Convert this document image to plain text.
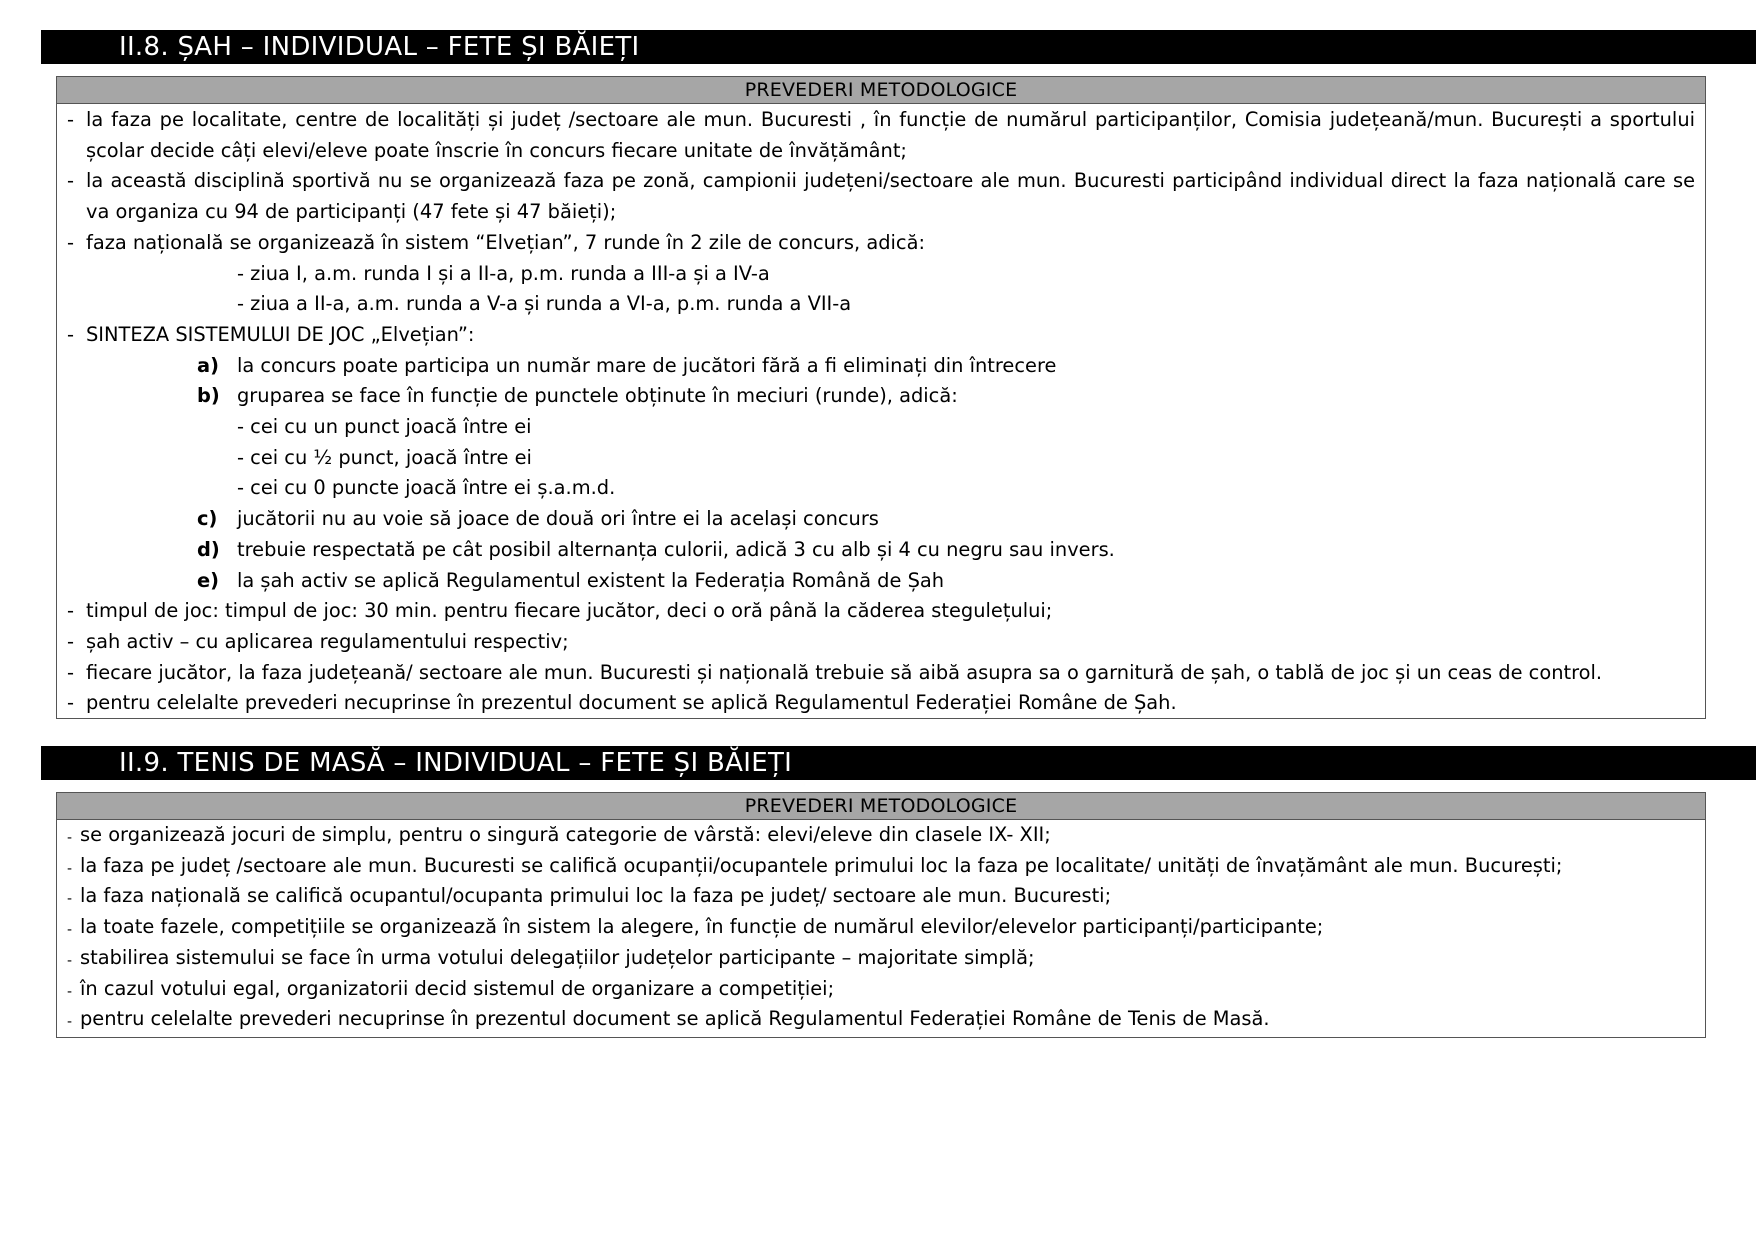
II.8. ȘAH – INDIVIDUAL – FETE ȘI BĂIEȚI
PREVEDERI METODOLOGICE
- la faza pe localitate, centre de localități și județ /sectoare ale mun. Bucuresti , în funcție de numărul participanților, Comisia județeană/mun. București a sportului școlar decide câți elevi/eleve poate înscrie în concurs fiecare unitate de învățământ;
- la această disciplină sportivă nu se organizează faza pe zonă, campionii județeni/sectoare ale mun. Bucuresti participând individual direct la faza națională care se va organiza cu 94 de participanți (47 fete și 47 băieți);
- faza națională se organizează în sistem “Elvețian”, 7 runde în 2 zile de concurs, adică:
- ziua I, a.m. runda I și a II-a, p.m. runda a III-a și a IV-a
- ziua a II-a, a.m. runda a V-a și runda a VI-a, p.m. runda a VII-a
- SINTEZA SISTEMULUI DE JOC „Elvețian”:
a) la concurs poate participa un număr mare de jucători fără a fi eliminați din întrecere
b) gruparea se face în funcție de punctele obținute în meciuri (runde), adică:
- cei cu un punct joacă între ei
- cei cu ½ punct, joacă între ei
- cei cu 0 puncte joacă între ei ș.a.m.d.
c) jucătorii nu au voie să joace de două ori între ei la același concurs
d) trebuie respectată pe cât posibil alternanța culorii, adică 3 cu alb și 4 cu negru sau invers.
e) la șah activ se aplică Regulamentul existent la Federația Română de Șah
- timpul de joc: timpul de joc: 30 min. pentru fiecare jucător, deci o oră până la căderea stegulețului;
- șah activ – cu aplicarea regulamentului respectiv;
- fiecare jucător, la faza județeană/ sectoare ale mun. Bucuresti și națională trebuie să aibă asupra sa o garnitură de șah, o tablă de joc și un ceas de control.
- pentru celelalte prevederi necuprinse în prezentul document se aplică Regulamentul Federației Române de Șah.
II.9. TENIS DE MASĂ – INDIVIDUAL – FETE ȘI BĂIEȚI
PREVEDERI METODOLOGICE
- se organizează jocuri de simplu, pentru o singură categorie de vârstă: elevi/eleve din clasele IX- XII;
- la faza pe județ /sectoare ale mun. Bucuresti se califică ocupanții/ocupantele primului loc la faza pe localitate/ unități de învațământ ale mun. București;
- la faza națională se califică ocupantul/ocupanta primului loc la faza pe județ/ sectoare ale mun. Bucuresti;
- la toate fazele, competițiile se organizează în sistem la alegere, în funcție de numărul elevilor/elevelor participanți/participante;
- stabilirea sistemului se face în urma votului delegațiilor județelor participante – majoritate simplă;
- în cazul votului egal, organizatorii decid sistemul de organizare a competiției;
- pentru celelalte prevederi necuprinse în prezentul document se aplică Regulamentul Federației Române de Tenis de Masă.
